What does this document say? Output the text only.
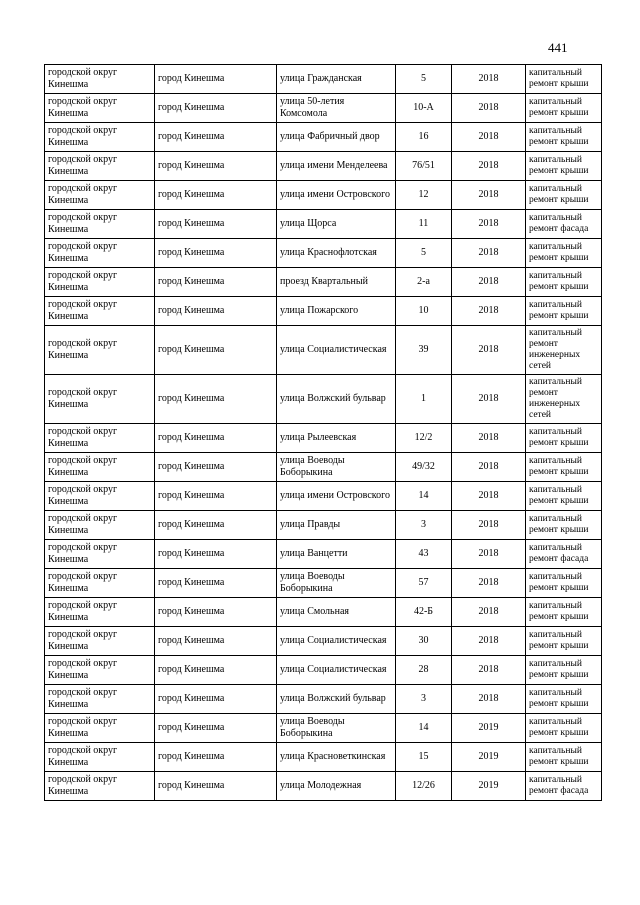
441
городской округ Кинешма	город Кинешма	улица Гражданская	5	2018	капитальный ремонт крыши
городской округ Кинешма	город Кинешма	улица 50-летия Комсомола	10-А	2018	капитальный ремонт крыши
городской округ Кинешма	город Кинешма	улица Фабричный двор	16	2018	капитальный ремонт крыши
городской округ Кинешма	город Кинешма	улица имени Менделеева	76/51	2018	капитальный ремонт крыши
городской округ Кинешма	город Кинешма	улица имени Островского	12	2018	капитальный ремонт крыши
городской округ Кинешма	город Кинешма	улица Щорса	11	2018	капитальный ремонт фасада
городской округ Кинешма	город Кинешма	улица Краснофлотская	5	2018	капитальный ремонт крыши
городской округ Кинешма	город Кинешма	проезд Квартальный	2-а	2018	капитальный ремонт крыши
городской округ Кинешма	город Кинешма	улица Пожарского	10	2018	капитальный ремонт крыши
городской округ Кинешма	город Кинешма	улица Социалистическая	39	2018	капитальный ремонт инженерных сетей
городской округ Кинешма	город Кинешма	улица Волжский бульвар	1	2018	капитальный ремонт инженерных сетей
городской округ Кинешма	город Кинешма	улица Рылеевская	12/2	2018	капитальный ремонт крыши
городской округ Кинешма	город Кинешма	улица Воеводы Боборыкина	49/32	2018	капитальный ремонт крыши
городской округ Кинешма	город Кинешма	улица имени Островского	14	2018	капитальный ремонт крыши
городской округ Кинешма	город Кинешма	улица Правды	3	2018	капитальный ремонт крыши
городской округ Кинешма	город Кинешма	улица Ванцетти	43	2018	капитальный ремонт фасада
городской округ Кинешма	город Кинешма	улица Воеводы Боборыкина	57	2018	капитальный ремонт крыши
городской округ Кинешма	город Кинешма	улица Смольная	42-Б	2018	капитальный ремонт крыши
городской округ Кинешма	город Кинешма	улица Социалистическая	30	2018	капитальный ремонт крыши
городской округ Кинешма	город Кинешма	улица Социалистическая	28	2018	капитальный ремонт крыши
городской округ Кинешма	город Кинешма	улица Волжский бульвар	3	2018	капитальный ремонт крыши
городской округ Кинешма	город Кинешма	улица Воеводы Боборыкина	14	2019	капитальный ремонт крыши
городской округ Кинешма	город Кинешма	улица Красноветкинская	15	2019	капитальный ремонт крыши
городской округ Кинешма	город Кинешма	улица Молодежная	12/26	2019	капитальный ремонт фасада
